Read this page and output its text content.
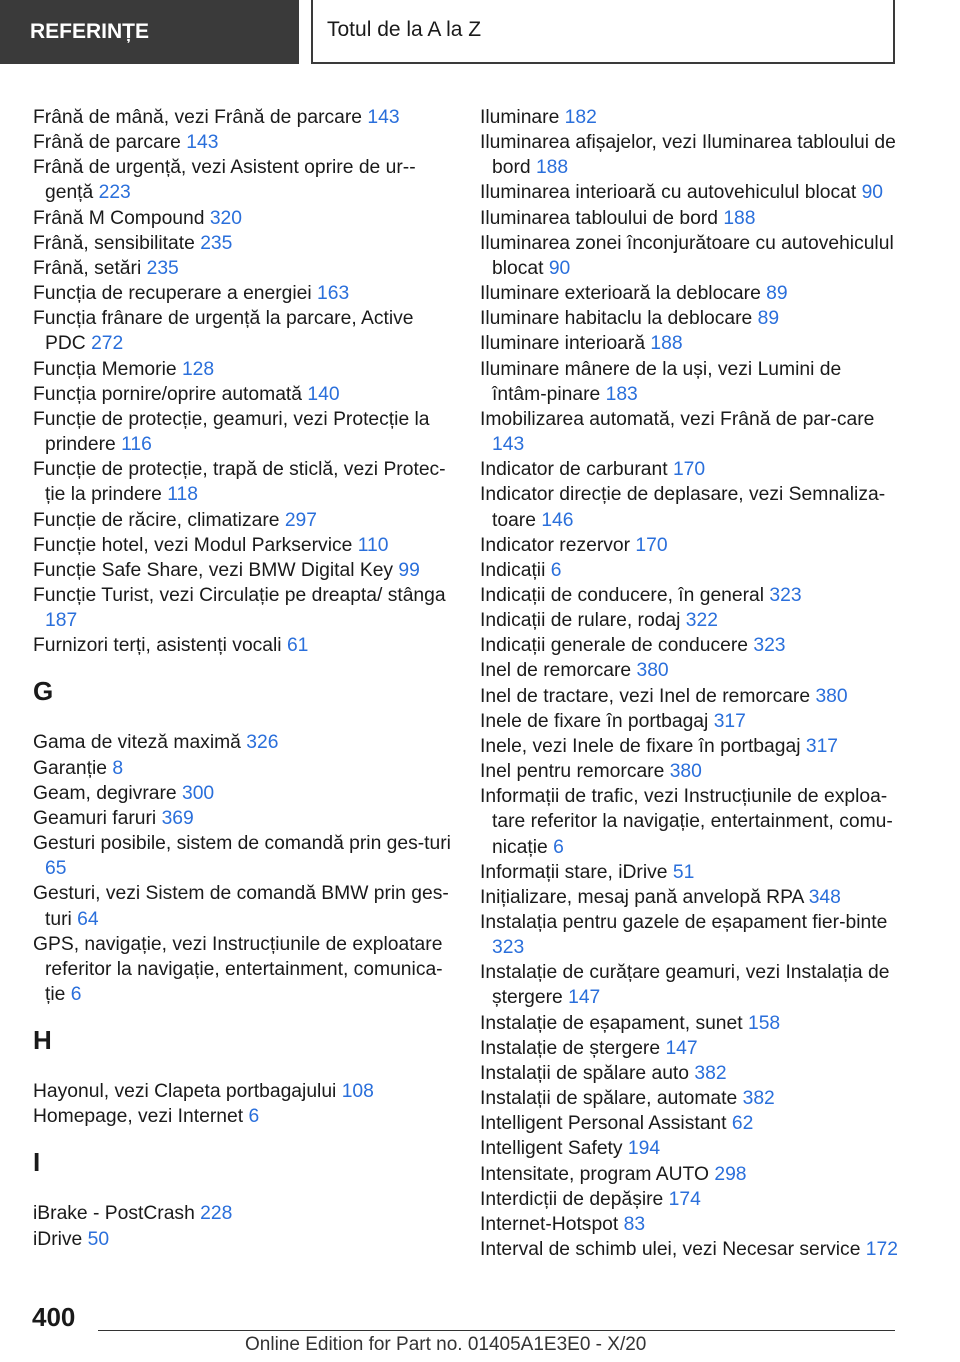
REFERINȚE	Totul de la A la Z
Frână de mână, vezi Frână de parcare 143
Frână de parcare 143
Frână de urgență, vezi Asistent oprire de ur-gență 223
Frână M Compound 320
Frână, sensibilitate 235
Frână, setări 235
Funcția de recuperare a energiei 163
Funcția frânare de urgență la parcare, Active PDC 272
Funcția Memorie 128
Funcția pornire/oprire automată 140
Funcție de protecție, geamuri, vezi Protecție la prindere 116
Funcție de protecție, trapă de sticlă, vezi Protec-ție la prindere 118
Funcție de răcire, climatizare 297
Funcție hotel, vezi Modul Parkservice 110
Funcție Safe Share, vezi BMW Digital Key 99
Funcție Turist, vezi Circulație pe dreapta/ stânga 187
Furnizori terți, asistenți vocali 61
G
Gama de viteză maximă 326
Garanție 8
Geam, degivrare 300
Geamuri faruri 369
Gesturi posibile, sistem de comandă prin ges-turi 65
Gesturi, vezi Sistem de comandă BMW prin ges-turi 64
GPS, navigație, vezi Instrucțiunile de exploatare referitor la navigație, entertainment, comunica-ție 6
H
Hayonul, vezi Clapeta portbagajului 108
Homepage, vezi Internet 6
I
iBrake - PostCrash 228
iDrive 50
Iluminare 182
Iluminarea afișajelor, vezi Iluminarea tabloului de bord 188
Iluminarea interioară cu autovehiculul blocat 90
Iluminarea tabloului de bord 188
Iluminarea zonei înconjurătoare cu autovehiculul blocat 90
Iluminare exterioară la deblocare 89
Iluminare habitaclu la deblocare 89
Iluminare interioară 188
Iluminare mânere de la uși, vezi Lumini de întâm-pinare 183
Imobilizarea automată, vezi Frână de par-care 143
Indicator de carburant 170
Indicator direcție de deplasare, vezi Semnaliza-toare 146
Indicator rezervor 170
Indicații 6
Indicații de conducere, în general 323
Indicații de rulare, rodaj 322
Indicații generale de conducere 323
Inel de remorcare 380
Inel de tractare, vezi Inel de remorcare 380
Inele de fixare în portbagaj 317
Inele, vezi Inele de fixare în portbagaj 317
Inel pentru remorcare 380
Informații de trafic, vezi Instrucțiunile de exploa-tare referitor la navigație, entertainment, comu-nicație 6
Informații stare, iDrive 51
Inițializare, mesaj pană anvelopă RPA 348
Instalația pentru gazele de eșapament fier-binte 323
Instalație de curățare geamuri, vezi Instalația de ștergere 147
Instalație de eșapament, sunet 158
Instalație de ștergere 147
Instalații de spălare auto 382
Instalații de spălare, automate 382
Intelligent Personal Assistant 62
Intelligent Safety 194
Intensitate, program AUTO 298
Interdicții de depășire 174
Internet-Hotspot 83
Interval de schimb ulei, vezi Necesar service 172
400
Online Edition for Part no. 01405A1E3E0 - X/20
